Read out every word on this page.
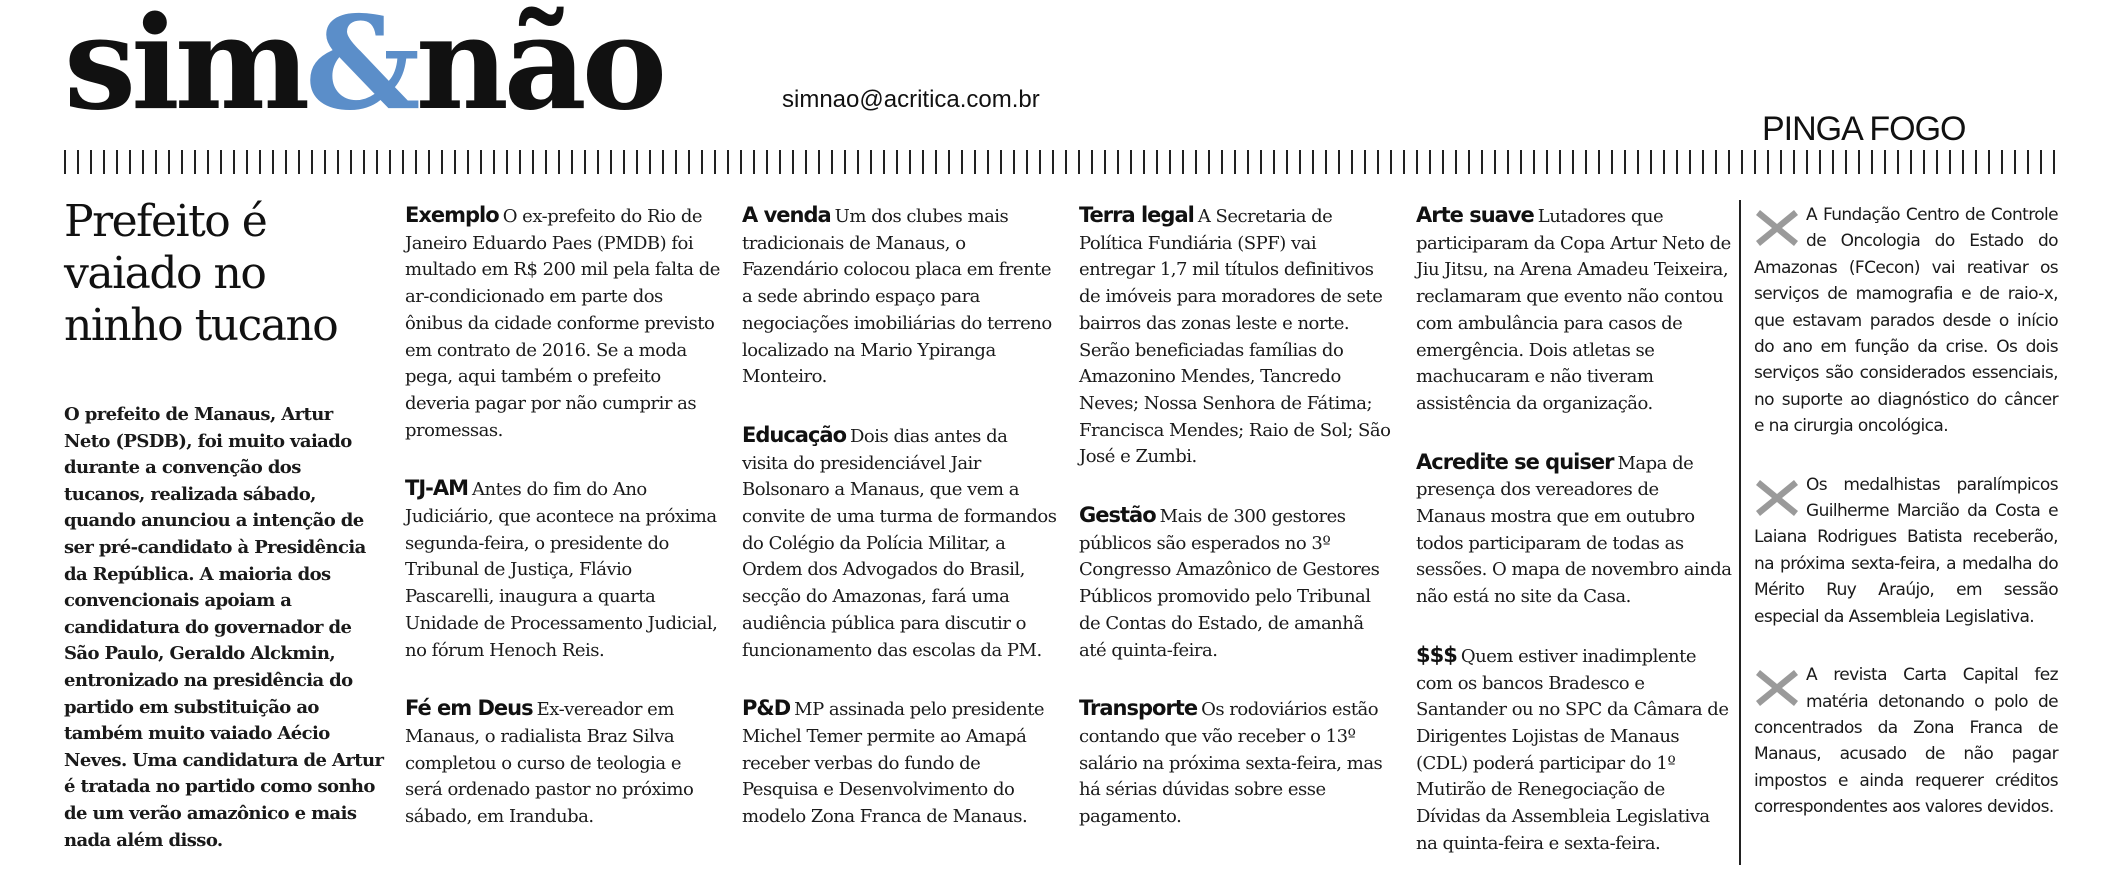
sim&não	simnao@acritica.com.br
PINGA FOGO
Prefeito é vaiado no ninho tucano

O prefeito de Manaus, Artur Neto (PSDB), foi muito vaiado durante a convenção dos tucanos, realizada sábado, quando anunciou a intenção de ser pré-candidato à Presidência da República. A maioria dos convencionais apoiam a candidatura do governador de São Paulo, Geraldo Alckmin, entronizado na presidência do partido em substituição ao também muito vaiado Aécio Neves. Uma candidatura de Artur é tratada no partido como sonho de um verão amazônico e mais nada além disso.

Exemplo O ex-prefeito do Rio de Janeiro Eduardo Paes (PMDB) foi multado em R$ 200 mil pela falta de ar-condicionado em parte dos ônibus da cidade conforme previsto em contrato de 2016. Se a moda pega, aqui também o prefeito deveria pagar por não cumprir as promessas.

TJ-AM Antes do fim do Ano Judiciário, que acontece na próxima segunda-feira, o presidente do Tribunal de Justiça, Flávio Pascarelli, inaugura a quarta Unidade de Processamento Judicial, no fórum Henoch Reis.

Fé em Deus Ex-vereador em Manaus, o radialista Braz Silva completou o curso de teologia e será ordenado pastor no próximo sábado, em Iranduba.

A venda Um dos clubes mais tradicionais de Manaus, o Fazendário colocou placa em frente a sede abrindo espaço para negociações imobiliárias do terreno localizado na Mario Ypiranga Monteiro.

Educação Dois dias antes da visita do presidenciável Jair Bolsonaro a Manaus, que vem a convite de uma turma de formandos do Colégio da Polícia Militar, a Ordem dos Advogados do Brasil, secção do Amazonas, fará uma audiência pública para discutir o funcionamento das escolas da PM.

P&D MP assinada pelo presidente Michel Temer permite ao Amapá receber verbas do fundo de Pesquisa e Desenvolvimento do modelo Zona Franca de Manaus.

Terra legal A Secretaria de Política Fundiária (SPF) vai entregar 1,7 mil títulos definitivos de imóveis para moradores de sete bairros das zonas leste e norte. Serão beneficiadas famílias do Amazonino Mendes, Tancredo Neves; Nossa Senhora de Fátima; Francisca Mendes; Raio de Sol; São José e Zumbi.

Gestão Mais de 300 gestores públicos são esperados no 3º Congresso Amazônico de Gestores Públicos promovido pelo Tribunal de Contas do Estado, de amanhã até quinta-feira.

Transporte Os rodoviários estão contando que vão receber o 13º salário na próxima sexta-feira, mas há sérias dúvidas sobre esse pagamento.

Arte suave Lutadores que participaram da Copa Artur Neto de Jiu Jitsu, na Arena Amadeu Teixeira, reclamaram que evento não contou com ambulância para casos de emergência. Dois atletas se machucaram e não tiveram assistência da organização.

Acredite se quiser Mapa de presença dos vereadores de Manaus mostra que em outubro todos participaram de todas as sessões. O mapa de novembro ainda não está no site da Casa.

$$$ Quem estiver inadimplente com os bancos Bradesco e Santander ou no SPC da Câmara de Dirigentes Lojistas de Manaus (CDL) poderá participar do 1º Mutirão de Renegociação de Dívidas da Assembleia Legislativa na quinta-feira e sexta-feira.

A Fundação Centro de Controle de Oncologia do Estado do Amazonas (FCecon) vai reativar os serviços de mamografia e de raio-x, que estavam parados desde o início do ano em função da crise. Os dois serviços são considerados essenciais, no suporte ao diagnóstico do câncer e na cirurgia oncológica.

Os medalhistas paralímpicos Guilherme Marcião da Costa e Laiana Rodrigues Batista receberão, na próxima sexta-feira, a medalha do Mérito Ruy Araújo, em sessão especial da Assembleia Legislativa.

A revista Carta Capital fez matéria detonando o polo de concentrados da Zona Franca de Manaus, acusado de não pagar impostos e ainda requerer créditos correspondentes aos valores devidos.
